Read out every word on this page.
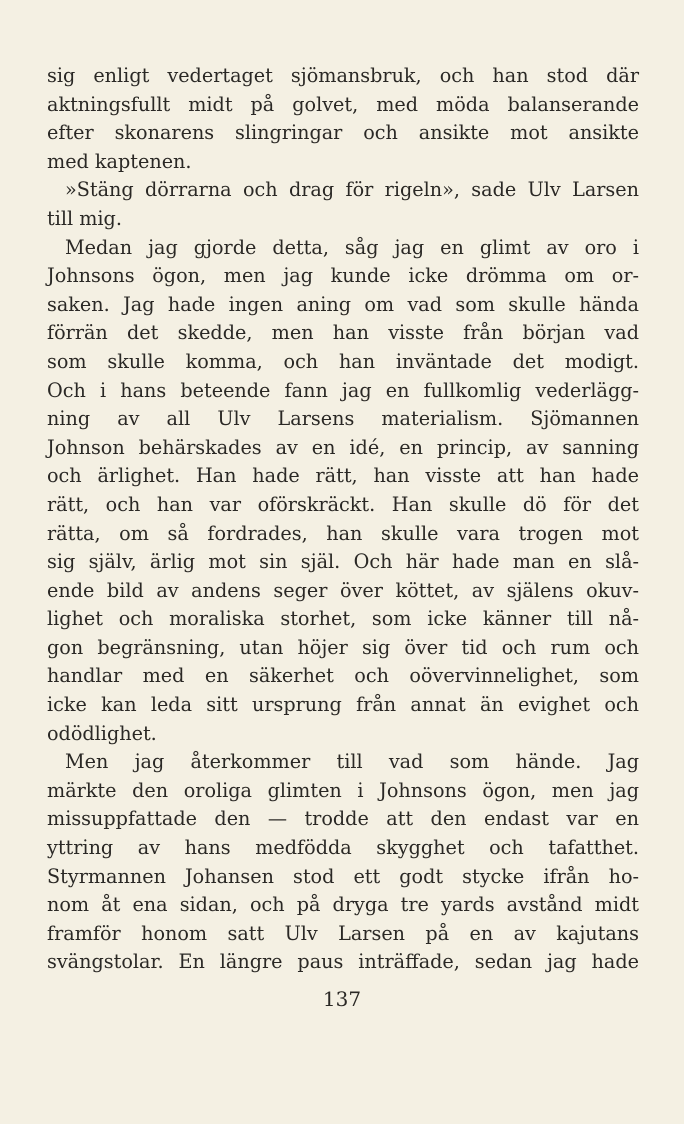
sig enligt vedertaget sjömansbruk, och han stod där
aktningsfullt midt på golvet, med möda balanserande
efter skonarens slingringar och ansikte mot ansikte
med kaptenen.
»Stäng dörrarna och drag för rigeln», sade Ulv Larsen
till mig.
Medan jag gjorde detta, såg jag en glimt av oro i
Johnsons ögon, men jag kunde icke drömma om or-
saken. Jag hade ingen aning om vad som skulle hända
förrän det skedde, men han visste från början vad
som skulle komma, och han inväntade det modigt.
Och i hans beteende fann jag en fullkomlig vederlägg-
ning av all Ulv Larsens materialism. Sjömannen
Johnson behärskades av en idé, en princip, av sanning
och ärlighet. Han hade rätt, han visste att han hade
rätt, och han var oförskräckt. Han skulle dö för det
rätta, om så fordrades, han skulle vara trogen mot
sig själv, ärlig mot sin själ. Och här hade man en slå-
ende bild av andens seger över köttet, av själens okuv-
lighet och moraliska storhet, som icke känner till nå-
gon begränsning, utan höjer sig över tid och rum och
handlar med en säkerhet och oövervinnelighet, som
icke kan leda sitt ursprung från annat än evighet och
odödlighet.
Men jag återkommer till vad som hände. Jag
märkte den oroliga glimten i Johnsons ögon, men jag
missuppfattade den — trodde att den endast var en
yttring av hans medfödda skygghet och tafatthet.
Styrmannen Johansen stod ett godt stycke ifrån ho-
nom åt ena sidan, och på dryga tre yards avstånd midt
framför honom satt Ulv Larsen på en av kajutans
svängstolar. En längre paus inträffade, sedan jag hade
137
